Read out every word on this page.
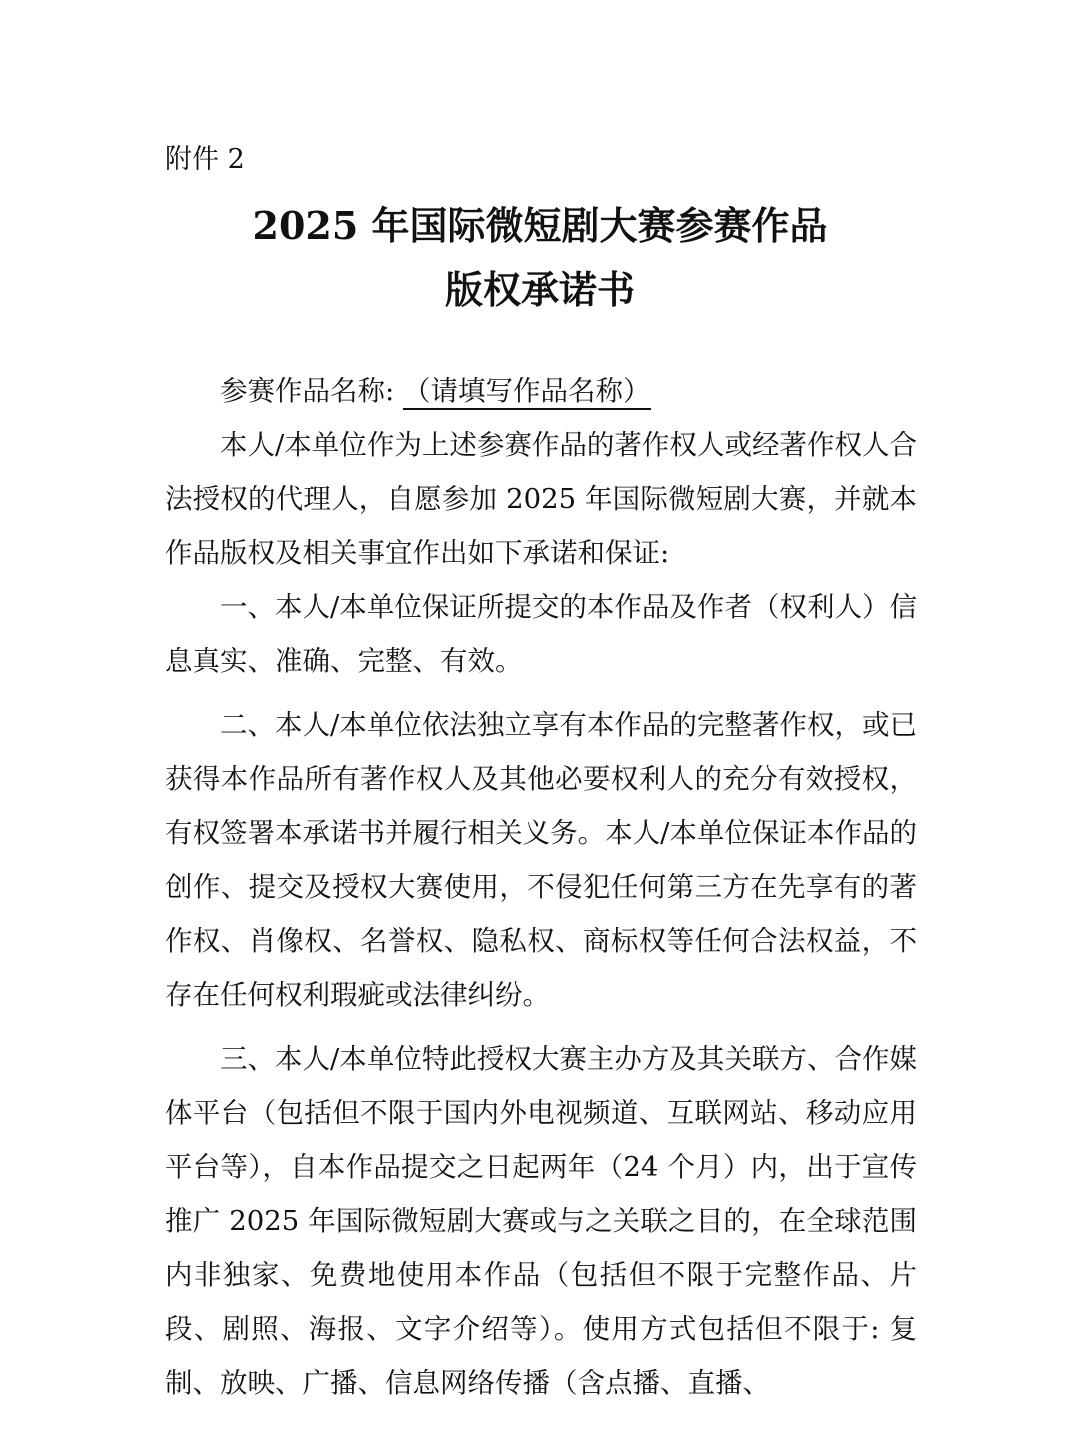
附件 2

2025 年国际微短剧大赛参赛作品
版权承诺书

参赛作品名称: （请填写作品名称）

本人/本单位作为上述参赛作品的著作权人或经著作权人合法授权的代理人，自愿参加 2025 年国际微短剧大赛，并就本作品版权及相关事宜作出如下承诺和保证:

一、本人/本单位保证所提交的本作品及作者（权利人）信息真实、准确、完整、有效。

二、本人/本单位依法独立享有本作品的完整著作权，或已获得本作品所有著作权人及其他必要权利人的充分有效授权，有权签署本承诺书并履行相关义务。本人/本单位保证本作品的创作、提交及授权大赛使用，不侵犯任何第三方在先享有的著作权、肖像权、名誉权、隐私权、商标权等任何合法权益，不存在任何权利瑕疵或法律纠纷。

三、本人/本单位特此授权大赛主办方及其关联方、合作媒体平台（包括但不限于国内外电视频道、互联网站、移动应用平台等），自本作品提交之日起两年（24 个月）内，出于宣传推广 2025 年国际微短剧大赛或与之关联之目的，在全球范围内非独家、免费地使用本作品（包括但不限于完整作品、片段、剧照、海报、文字介绍等）。使用方式包括但不限于: 复制、放映、广播、信息网络传播（含点播、直播、
